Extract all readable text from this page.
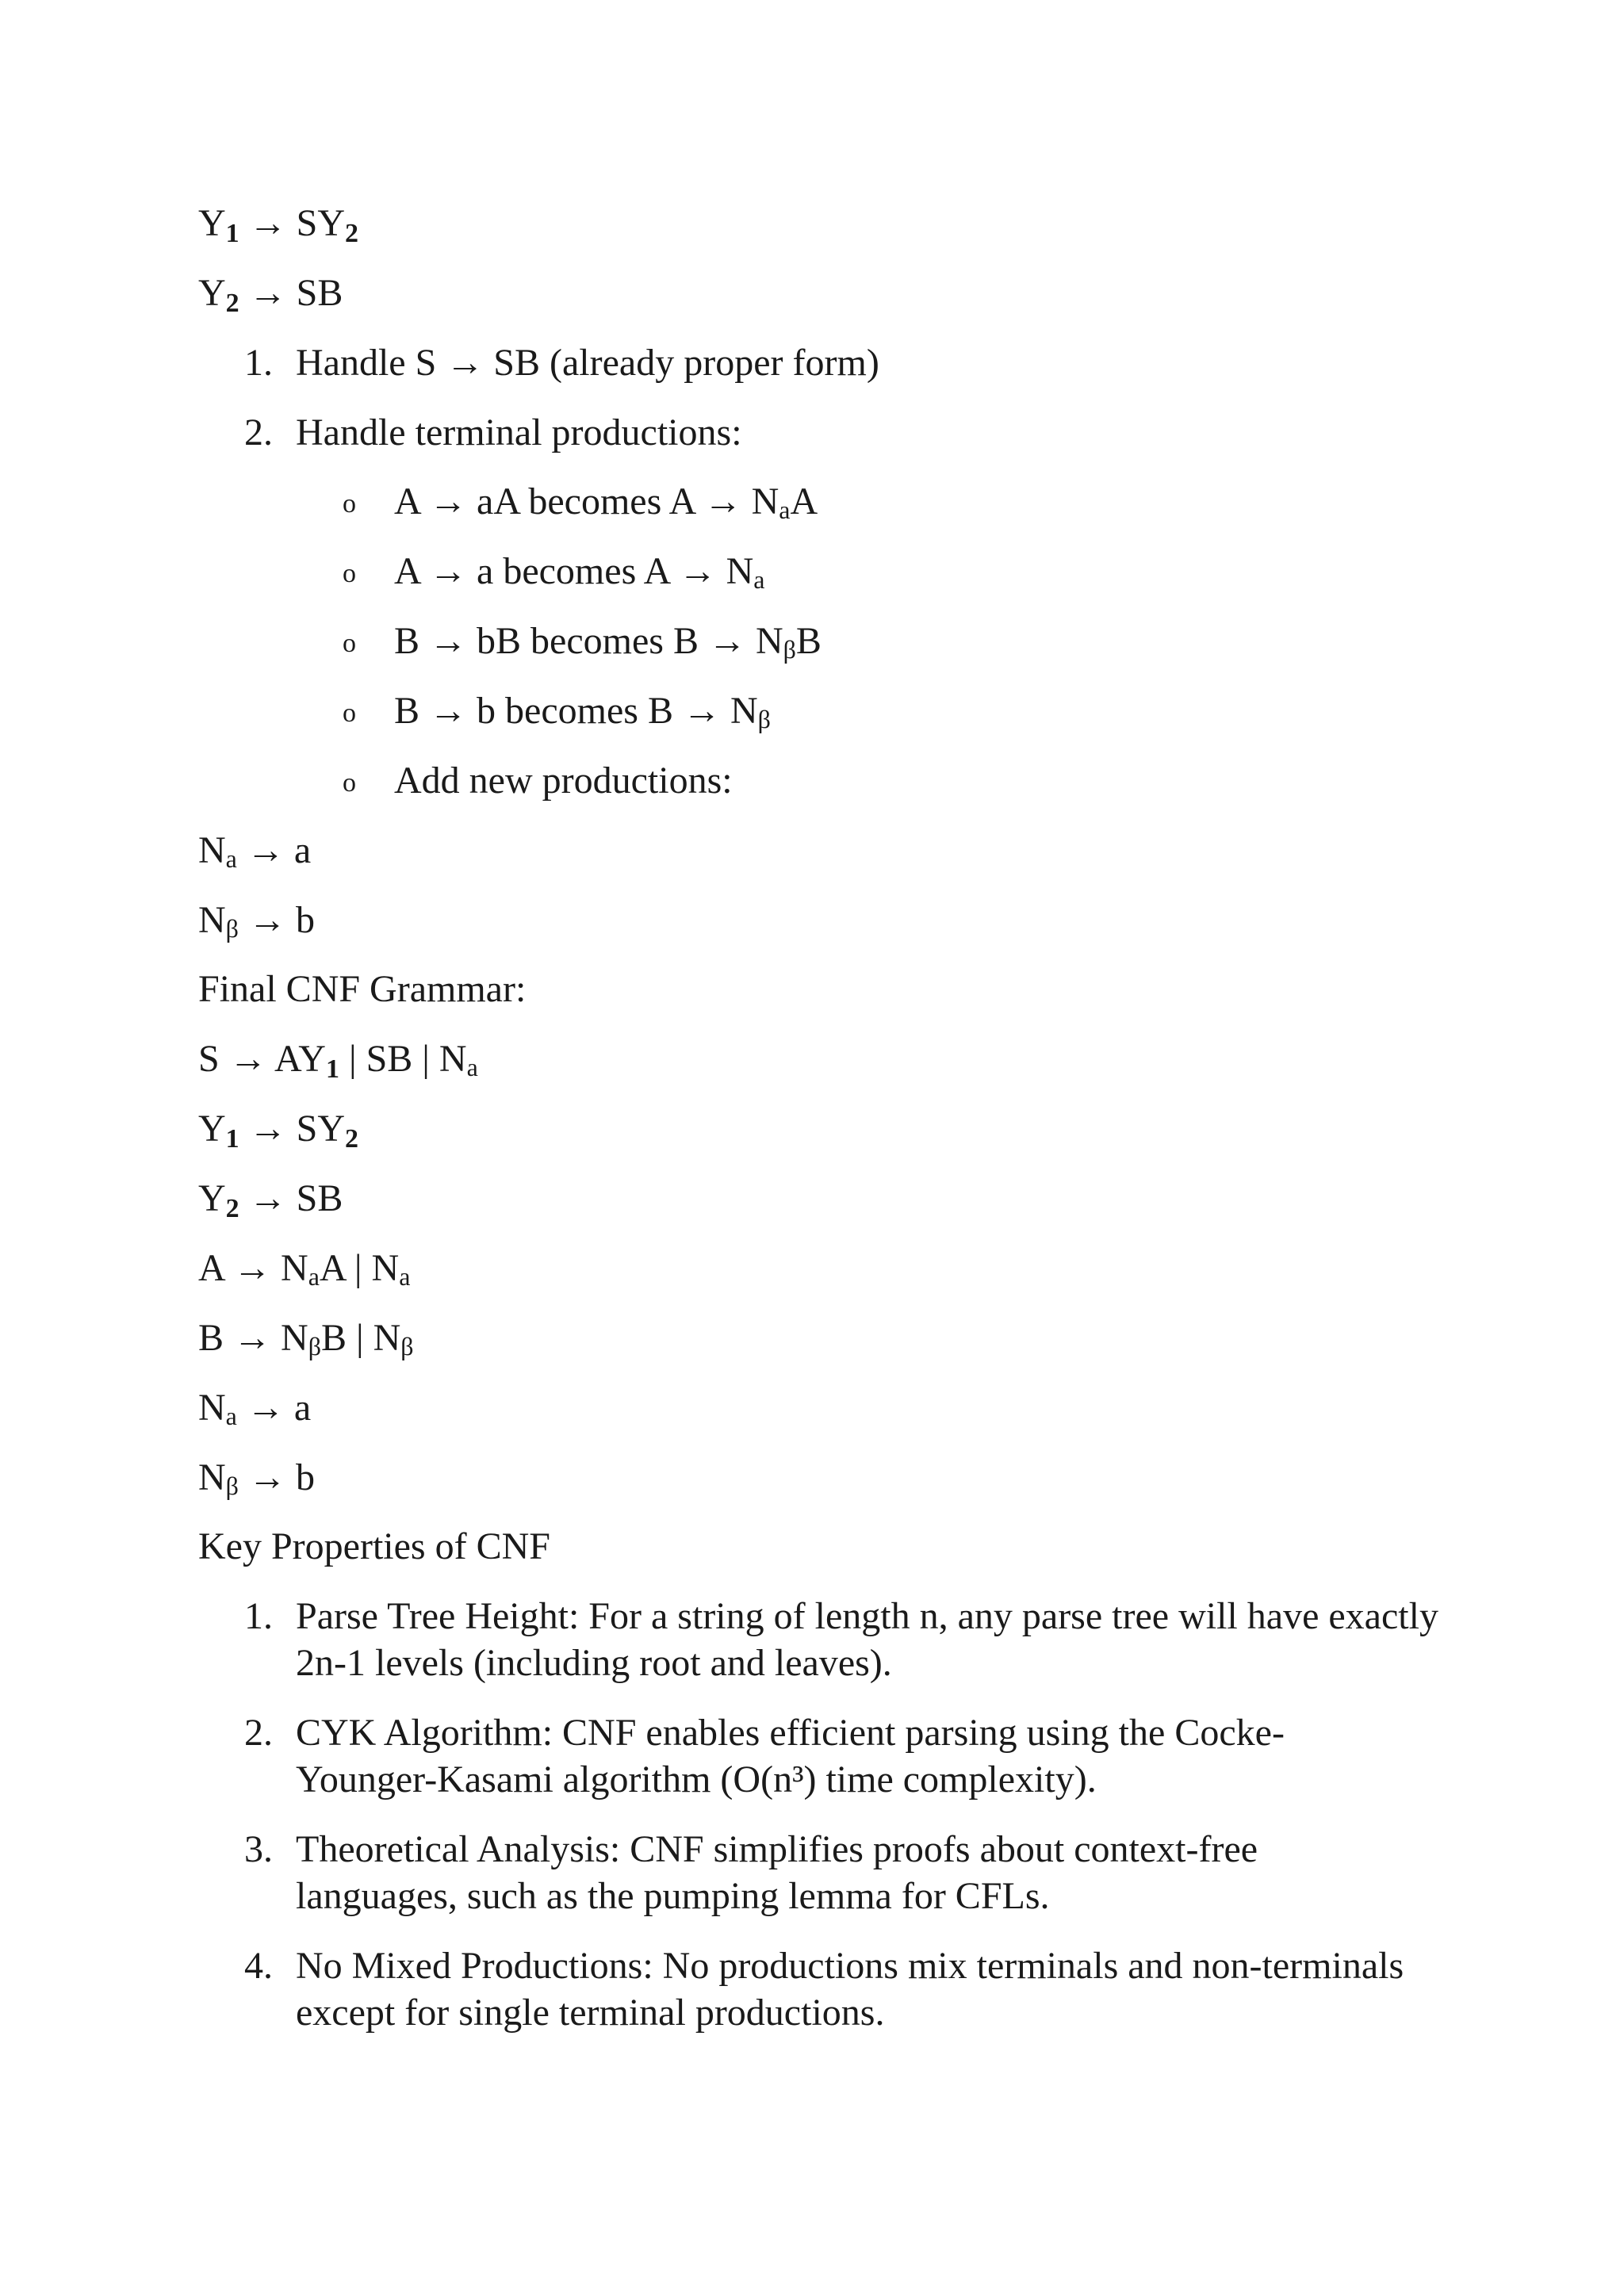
Y1 → SY2
Y2 → SB
1. Handle S → SB (already proper form)
2. Handle terminal productions:
o A → aA becomes A → NaA
o A → a becomes A → Na
o B → bB becomes B → NβB
o B → b becomes B → Nβ
o Add new productions:
Na → a
Nβ → b
Final CNF Grammar:
S → AY1 | SB | Na
Y1 → SY2
Y2 → SB
A → NaA | Na
B → NβB | Nβ
Na → a
Nβ → b
Key Properties of CNF
1. Parse Tree Height: For a string of length n, any parse tree will have exactly 2n-1 levels (including root and leaves).
2. CYK Algorithm: CNF enables efficient parsing using the Cocke-Younger-Kasami algorithm (O(n³) time complexity).
3. Theoretical Analysis: CNF simplifies proofs about context-free languages, such as the pumping lemma for CFLs.
4. No Mixed Productions: No productions mix terminals and non-terminals except for single terminal productions.
